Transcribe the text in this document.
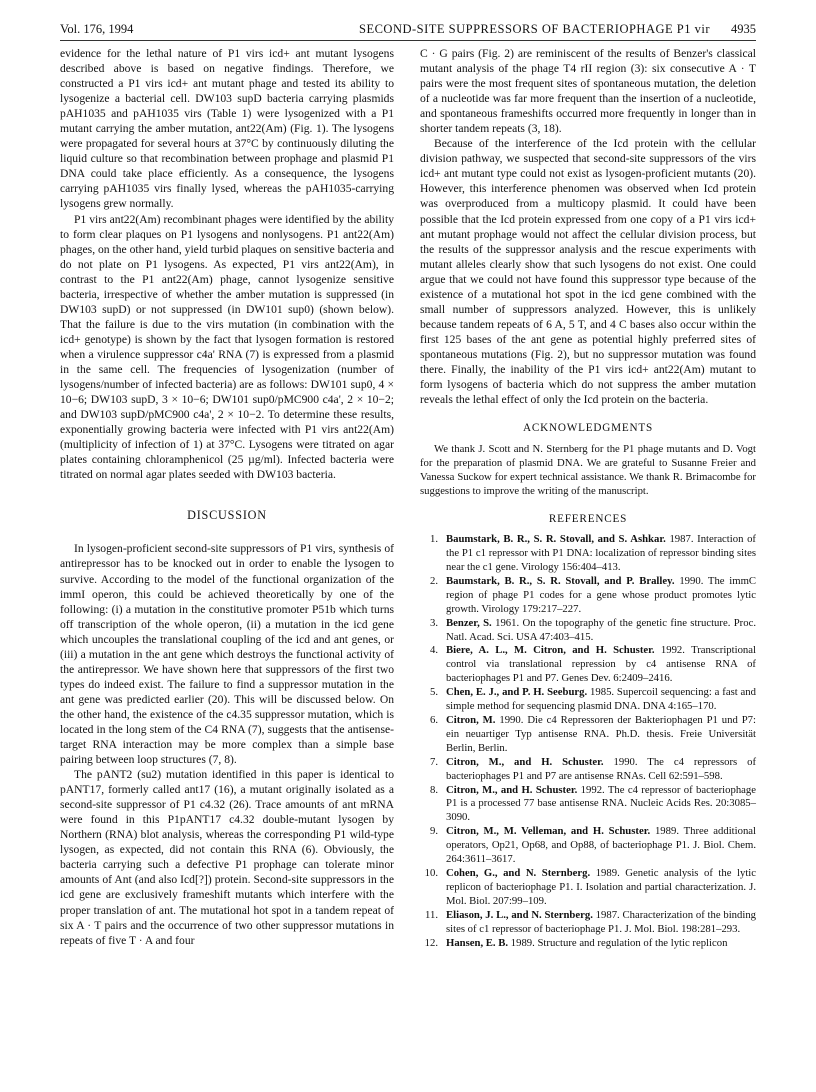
Vol. 176, 1994	SECOND-SITE SUPPRESSORS OF BACTERIOPHAGE P1 vir 4935

evidence for the lethal nature of P1 virs icd+ ant mutant lysogens described above is based on negative findings. Therefore, we constructed a P1 virs icd+ ant mutant phage and tested its ability to lysogenize a bacterial cell. DW103 supD bacteria carrying plasmids pAH1035 and pAH1035 virs (Table 1) were lysogenized with a P1 mutant carrying the amber mutation, ant22(Am) (Fig. 1). The lysogens were propagated for several hours at 37°C by continuously diluting the liquid culture so that recombination between prophage and plasmid P1 DNA could take place efficiently. As a consequence, the lysogens carrying pAH1035 virs finally lysed, whereas the pAH1035-carrying lysogens grew normally.

P1 virs ant22(Am) recombinant phages were identified by the ability to form clear plaques on P1 lysogens and nonlysogens. P1 ant22(Am) phages, on the other hand, yield turbid plaques on sensitive bacteria and do not plate on P1 lysogens. As expected, P1 virs ant22(Am), in contrast to the P1 ant22(Am) phage, cannot lysogenize sensitive bacteria, irrespective of whether the amber mutation is suppressed (in DW103 supD) or not suppressed (in DW101 sup0) (shown below). That the failure is due to the virs mutation (in combination with the icd+ genotype) is shown by the fact that lysogen formation is restored when a virulence suppressor c4a' RNA (7) is expressed from a plasmid in the same cell. The frequencies of lysogenization (number of lysogens/number of infected bacteria) are as follows: DW101 sup0, 4 × 10−6; DW103 supD, 3 × 10−6; DW101 sup0/pMC900 c4a', 2 × 10−2; and DW103 supD/pMC900 c4a', 2 × 10−2. To determine these results, exponentially growing bacteria were infected with P1 virs ant22(Am) (multiplicity of infection of 1) at 37°C. Lysogens were titrated on agar plates containing chloramphenicol (25 µg/ml). Infected bacteria were titrated on normal agar plates seeded with DW103 bacteria.

DISCUSSION

In lysogen-proficient second-site suppressors of P1 virs, synthesis of antirepressor has to be knocked out in order to enable the lysogen to survive. According to the model of the functional organization of the immI operon, this could be achieved theoretically by one of the following: (i) a mutation in the constitutive promoter P51b which turns off transcription of the whole operon, (ii) a mutation in the icd gene which uncouples the translational coupling of the icd and ant genes, or (iii) a mutation in the ant gene which destroys the functional activity of the antirepressor. We have shown here that suppressors of the first two types do indeed exist. The failure to find a suppressor mutation in the ant gene was predicted earlier (20). This will be discussed below. On the other hand, the existence of the c4.35 suppressor mutation, which is located in the long stem of the C4 RNA (7), suggests that the antisense-target RNA interaction may be more complex than a simple base pairing between loop structures (7, 8).

The pANT2 (su2) mutation identified in this paper is identical to pANT17, formerly called ant17 (16), a mutant originally isolated as a second-site suppressor of P1 c4.32 (26). Trace amounts of ant mRNA were found in this P1pANT17 c4.32 double-mutant lysogen by Northern (RNA) blot analysis, whereas the corresponding P1 wild-type lysogen, as expected, did not contain this RNA (6). Obviously, the bacteria carrying such a defective P1 prophage can tolerate minor amounts of Ant (and also Icd[?]) protein. Second-site suppressors in the icd gene are exclusively frameshift mutants which interfere with the proper translation of ant. The mutational hot spot in a tandem repeat of six A · T pairs and the occurrence of two other suppressor mutations in repeats of five T · A and four

C · G pairs (Fig. 2) are reminiscent of the results of Benzer's classical mutant analysis of the phage T4 rII region (3): six consecutive A · T pairs were the most frequent sites of spontaneous mutation, the deletion of a nucleotide was far more frequent than the insertion of a nucleotide, and spontaneous frameshifts occurred more frequently in longer than in shorter tandem repeats (3, 18).

Because of the interference of the Icd protein with the cellular division pathway, we suspected that second-site suppressors of the virs icd+ ant mutant type could not exist as lysogen-proficient mutants (20). However, this interference phenomen was observed when Icd protein was overproduced from a multicopy plasmid. It could have been possible that the Icd protein expressed from one copy of a P1 virs icd+ ant mutant prophage would not affect the cellular division process, but the results of the suppressor analysis and the rescue experiments with mutant alleles clearly show that such lysogens do not exist. One could argue that we could not have found this suppressor type because of the existence of a mutational hot spot in the icd gene combined with the small number of suppressors analyzed. However, this is unlikely because tandem repeats of 6 A, 5 T, and 4 C bases also occur within the first 125 bases of the ant gene as potential highly preferred sites of spontaneous mutations (Fig. 2), but no suppressor mutation was found there. Finally, the inability of the P1 virs icd+ ant22(Am) mutant to form lysogens of bacteria which do not suppress the amber mutation reveals the lethal effect of only the Icd protein on the bacteria.

ACKNOWLEDGMENTS

We thank J. Scott and N. Sternberg for the P1 phage mutants and D. Vogt for the preparation of plasmid DNA. We are grateful to Susanne Freier and Vanessa Suckow for expert technical assistance. We thank R. Brimacombe for suggestions to improve the writing of the manuscript.

REFERENCES
1. Baumstark, B. R., S. R. Stovall, and S. Ashkar. 1987. Interaction of the P1 c1 repressor with P1 DNA: localization of repressor binding sites near the c1 gene. Virology 156:404–413.
2. Baumstark, B. R., S. R. Stovall, and P. Bralley. 1990. The immC region of phage P1 codes for a gene whose product promotes lytic growth. Virology 179:217–227.
3. Benzer, S. 1961. On the topography of the genetic fine structure. Proc. Natl. Acad. Sci. USA 47:403–415.
4. Biere, A. L., M. Citron, and H. Schuster. 1992. Transcriptional control via translational repression by c4 antisense RNA of bacteriophages P1 and P7. Genes Dev. 6:2409–2416.
5. Chen, E. J., and P. H. Seeburg. 1985. Supercoil sequencing: a fast and simple method for sequencing plasmid DNA. DNA 4:165–170.
6. Citron, M. 1990. Die c4 Repressoren der Bakteriophagen P1 und P7: ein neuartiger Typ antisense RNA. Ph.D. thesis. Freie Universität Berlin, Berlin.
7. Citron, M., and H. Schuster. 1990. The c4 repressors of bacteriophages P1 and P7 are antisense RNAs. Cell 62:591–598.
8. Citron, M., and H. Schuster. 1992. The c4 repressor of bacteriophage P1 is a processed 77 base antisense RNA. Nucleic Acids Res. 20:3085–3090.
9. Citron, M., M. Velleman, and H. Schuster. 1989. Three additional operators, Op21, Op68, and Op88, of bacteriophage P1. J. Biol. Chem. 264:3611–3617.
10. Cohen, G., and N. Sternberg. 1989. Genetic analysis of the lytic replicon of bacteriophage P1. I. Isolation and partial characterization. J. Mol. Biol. 207:99–109.
11. Eliason, J. L., and N. Sternberg. 1987. Characterization of the binding sites of c1 repressor of bacteriophage P1. J. Mol. Biol. 198:281–293.
12. Hansen, E. B. 1989. Structure and regulation of the lytic replicon
